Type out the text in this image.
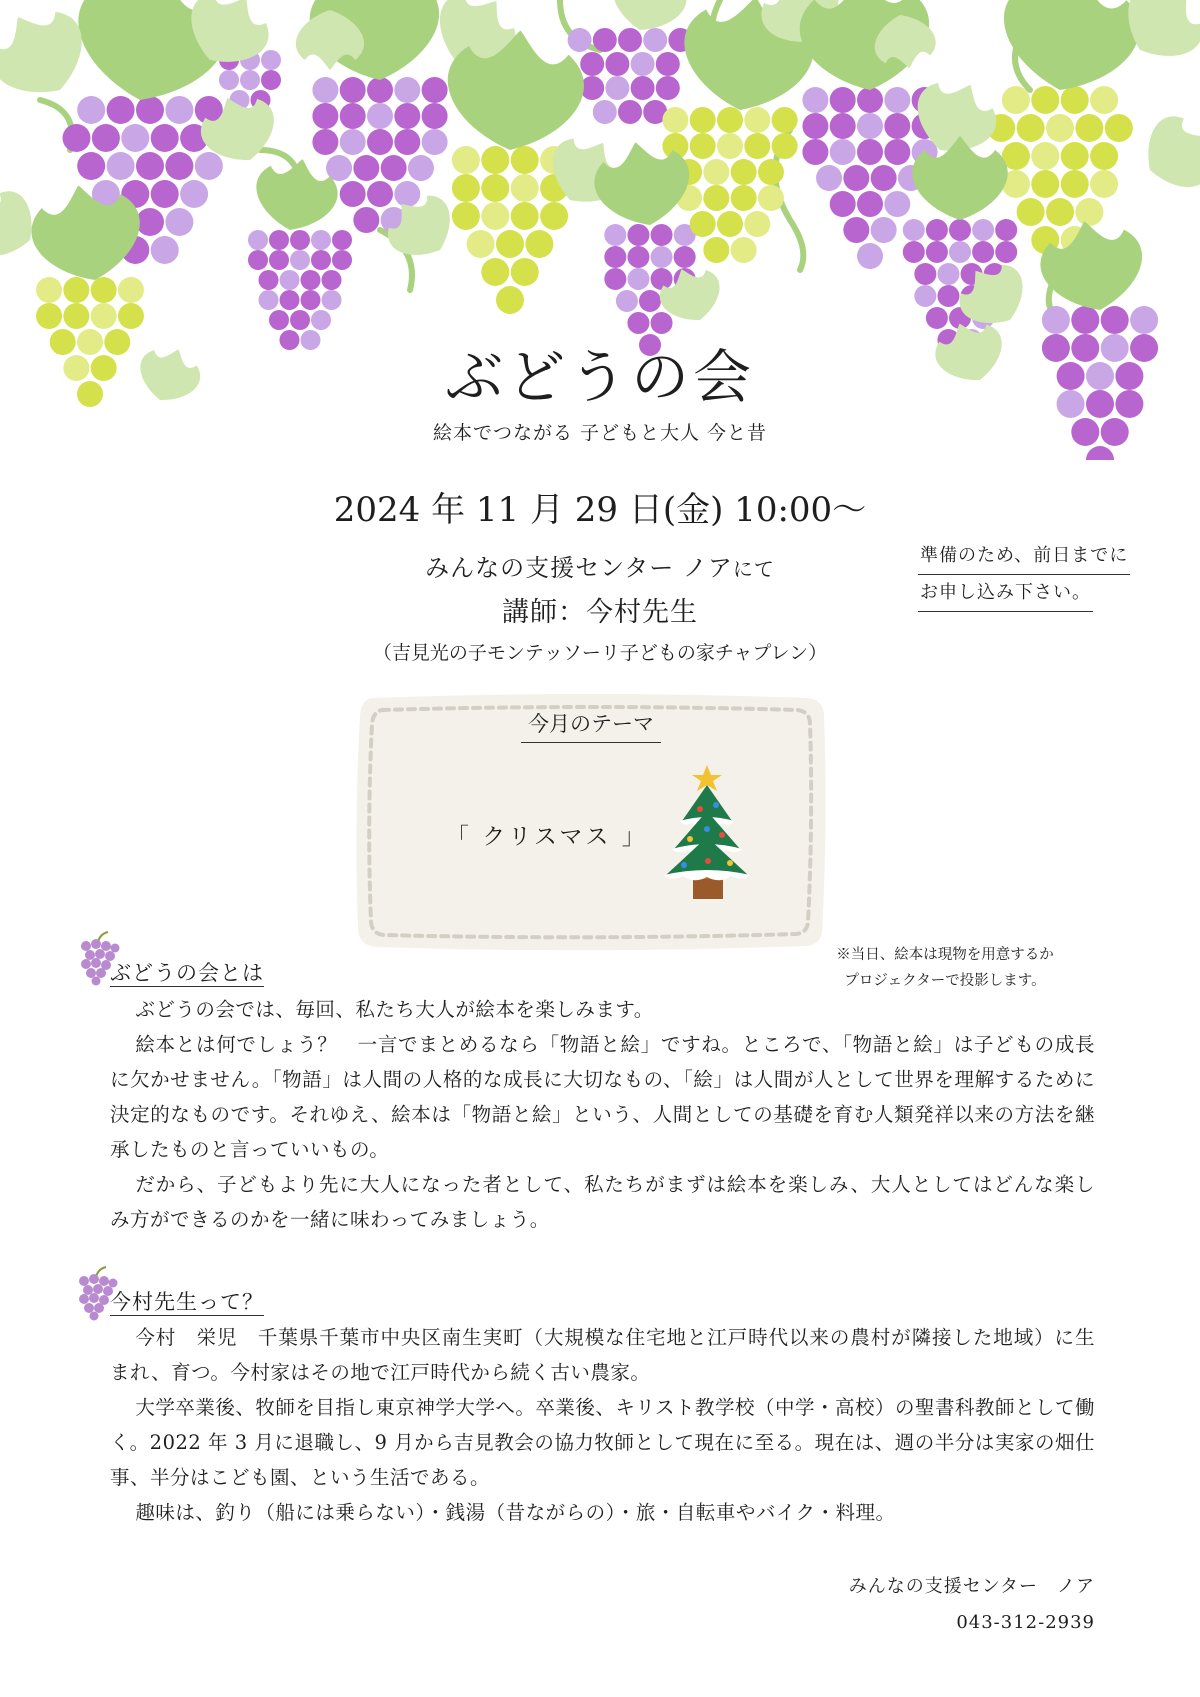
ぶどうの会
絵本でつながる 子どもと大人 今と昔
2024 年 11 月 29 日(金) 10:00～
みんなの支援センター ノアにて
講師：今村先生
（吉見光の子モンテッソーリ子どもの家チャプレン）
準備のため、前日までに
お申し込み下さい。
今月のテーマ
「 クリスマス 」
※当日、絵本は現物を用意するか
プロジェクターで投影します。
ぶどうの会とは

ぶどうの会では、毎回、私たち大人が絵本を楽しみます。

絵本とは何でしょう？　一言でまとめるなら「物語と絵」ですね。ところで、「物語と絵」は子どもの成長に欠かせません。「物語」は人間の人格的な成長に大切なもの、「絵」は人間が人として世界を理解するために決定的なものです。それゆえ、絵本は「物語と絵」という、人間としての基礎を育む人類発祥以来の方法を継承したものと言っていいもの。

だから、子どもより先に大人になった者として、私たちがまずは絵本を楽しみ、大人としてはどんな楽しみ方ができるのかを一緒に味わってみましょう。

今村先生って？

今村　栄児　千葉県千葉市中央区南生実町（大規模な住宅地と江戸時代以来の農村が隣接した地域）に生まれ、育つ。今村家はその地で江戸時代から続く古い農家。

大学卒業後、牧師を目指し東京神学大学へ。卒業後、キリスト教学校（中学・高校）の聖書科教師として働く。2022 年 3 月に退職し、9 月から吉見教会の協力牧師として現在に至る。現在は、週の半分は実家の畑仕事、半分はこども園、という生活である。

趣味は、釣り（船には乗らない）・銭湯（昔ながらの）・旅・自転車やバイク・料理。

みんなの支援センター　ノア
043-312-2939
